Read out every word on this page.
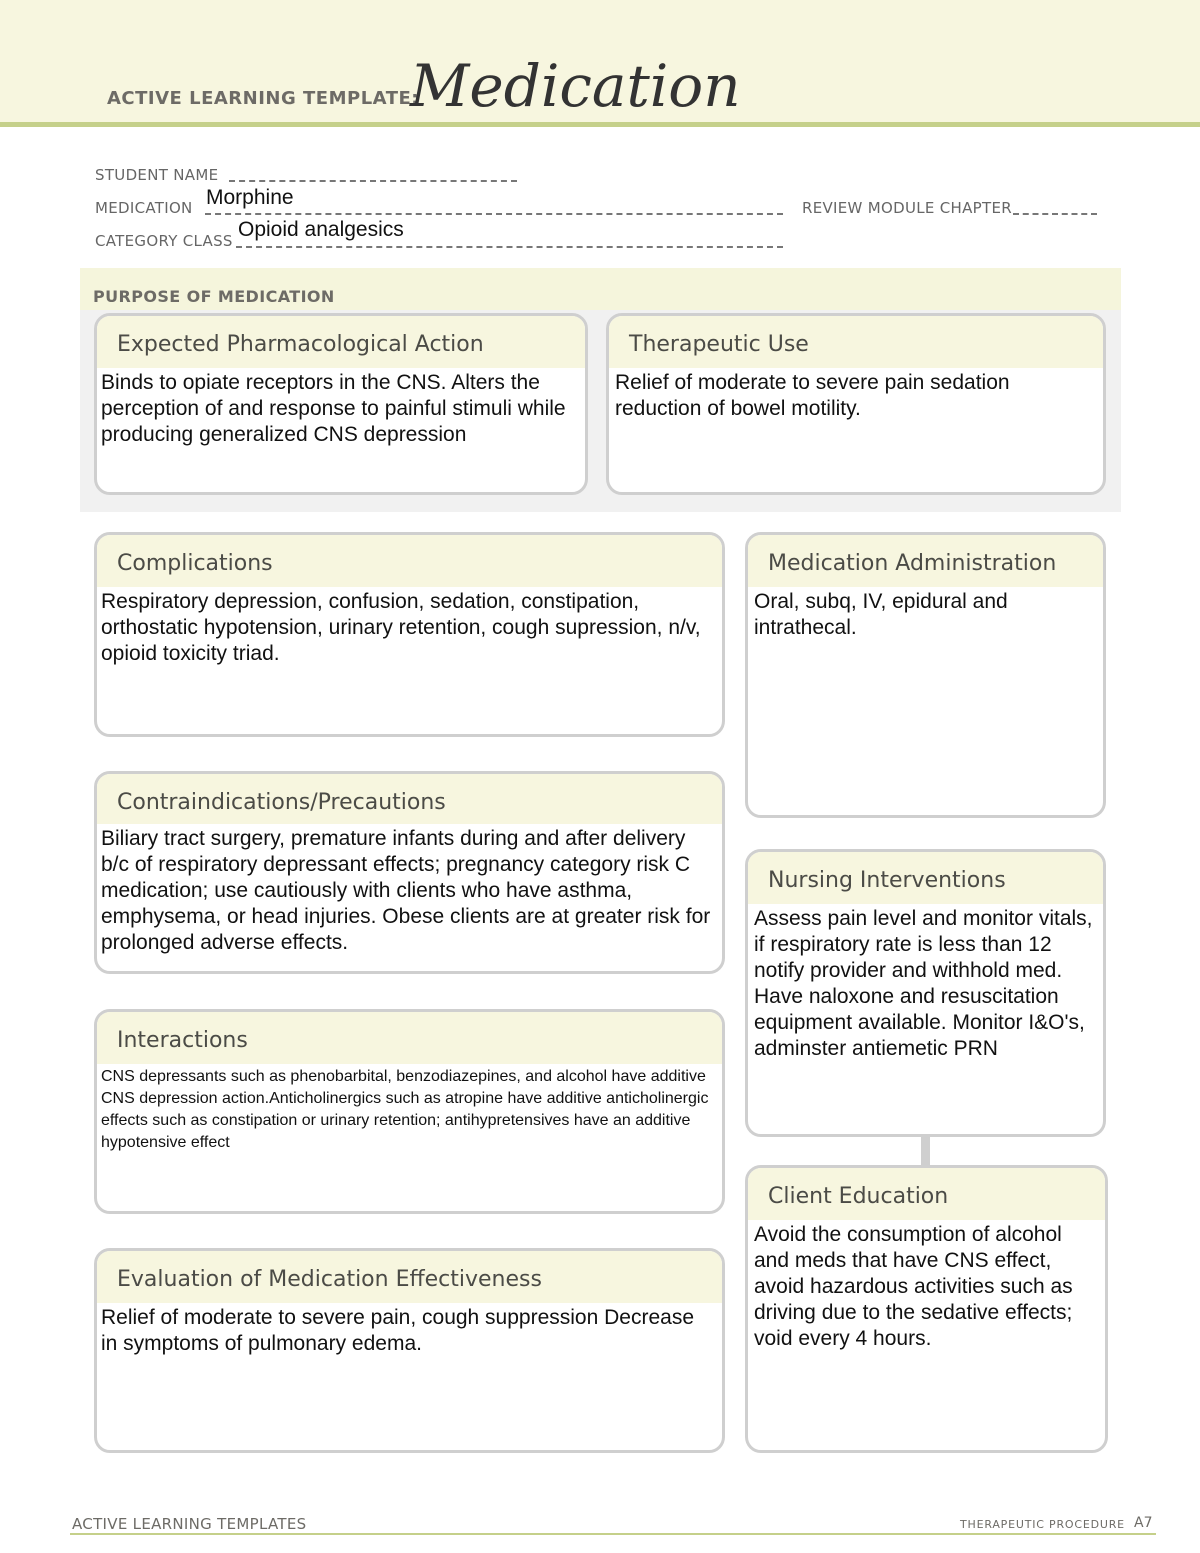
ACTIVE LEARNING TEMPLATE:
Medication
STUDENT NAME
MEDICATION Morphine	REVIEW MODULE CHAPTER
CATEGORY CLASS Opioid analgesics
PURPOSE OF MEDICATION
Expected Pharmacological Action
Binds to opiate receptors in the CNS. Alters the perception of and response to painful stimuli while producing generalized CNS depression
Therapeutic Use
Relief of moderate to severe pain sedation reduction of bowel motility.
Complications
Respiratory depression, confusion, sedation, constipation, orthostatic hypotension, urinary retention, cough supression, n/v, opioid toxicity triad.
Medication Administration
Oral, subq, IV, epidural and intrathecal.
Contraindications/Precautions
Biliary tract surgery, premature infants during and after delivery b/c of respiratory depressant effects; pregnancy category risk C medication; use cautiously with clients who have asthma, emphysema, or head injuries. Obese clients are at greater risk for prolonged adverse effects.
Nursing Interventions
Assess pain level and monitor vitals, if respiratory rate is less than 12 notify provider and withhold med. Have naloxone and resuscitation equipment available. Monitor I&O's, adminster antiemetic PRN
Interactions
CNS depressants such as phenobarbital, benzodiazepines, and alcohol have additive CNS depression action.Anticholinergics such as atropine have additive anticholinergic effects such as constipation or urinary retention; antihypretensives have an additive hypotensive effect
Client Education
Avoid the consumption of alcohol and meds that have CNS effect, avoid hazardous activities such as driving due to the sedative effects; void every 4 hours.
Evaluation of Medication Effectiveness
Relief of moderate to severe pain, cough suppression Decrease in symptoms of pulmonary edema.
ACTIVE LEARNING TEMPLATES	THERAPEUTIC PROCEDURE A7
